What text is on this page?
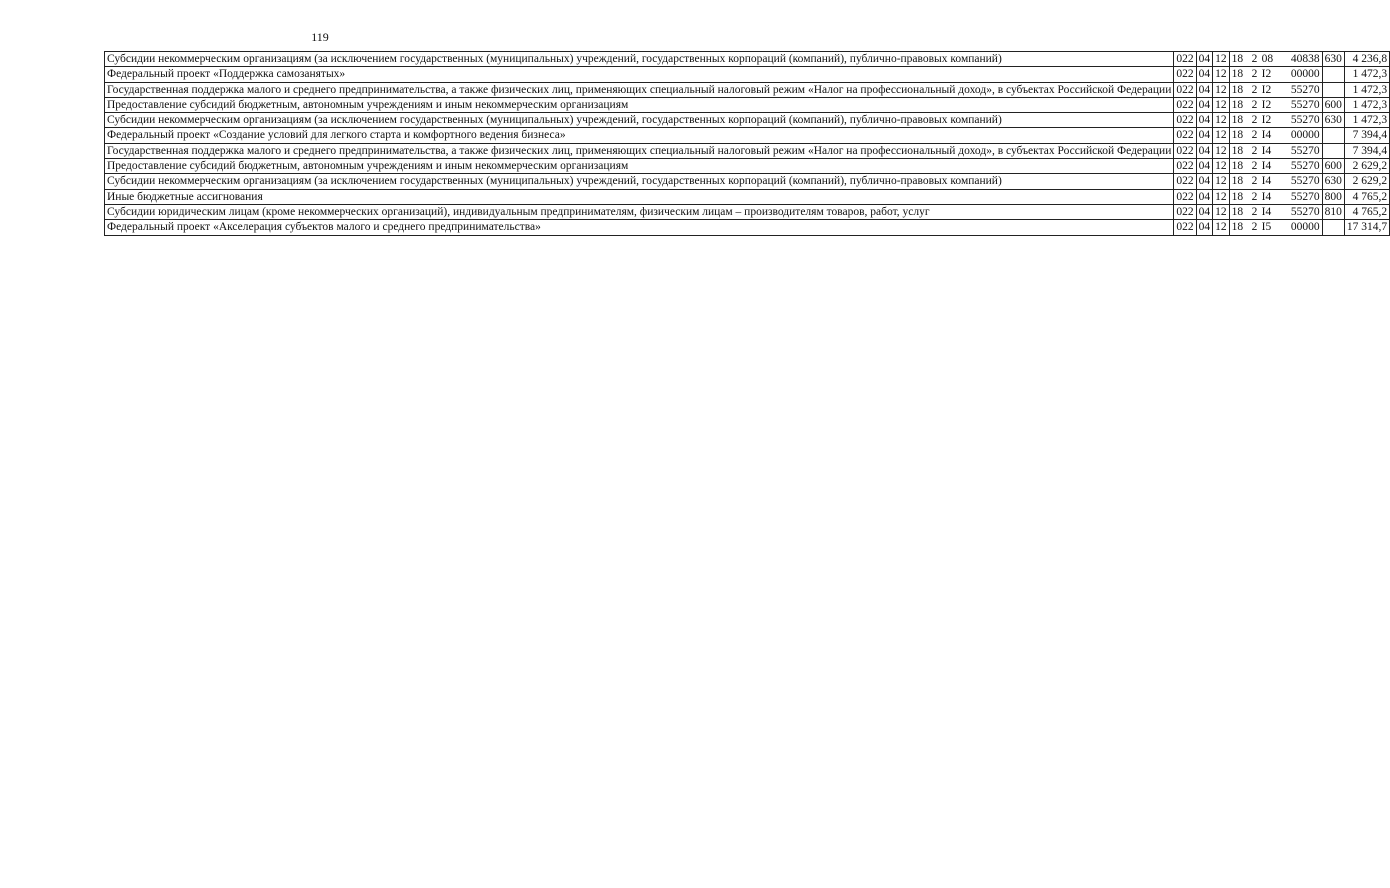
119
Субсидии некоммерческим организациям (за исключением государственных (муниципальных) учреждений, государственных корпораций (компаний), публично-правовых компаний)	022	04	12	18 2 08 40838	630	4 236,8
Федеральный проект «Поддержка самозанятых»	022	04	12	18 2 I2 00000		1 472,3
Государственная поддержка малого и среднего предпринимательства, а также физических лиц, применяющих специальный налоговый режим «Налог на профессиональный доход», в субъектах Российской Федерации	022	04	12	18 2 I2 55270		1 472,3
Предоставление субсидий бюджетным, автономным учреждениям и иным некоммерческим организациям	022	04	12	18 2 I2 55270	600	1 472,3
Субсидии некоммерческим организациям (за исключением государственных (муниципальных) учреждений, государственных корпораций (компаний), публично-правовых компаний)	022	04	12	18 2 I2 55270	630	1 472,3
Федеральный проект «Создание условий для легкого старта и комфортного ведения бизнеса»	022	04	12	18 2 I4 00000		7 394,4
Государственная поддержка малого и среднего предпринимательства, а также физических лиц, применяющих специальный налоговый режим «Налог на профессиональный доход», в субъектах Российской Федерации	022	04	12	18 2 I4 55270		7 394,4
Предоставление субсидий бюджетным, автономным учреждениям и иным некоммерческим организациям	022	04	12	18 2 I4 55270	600	2 629,2
Субсидии некоммерческим организациям (за исключением государственных (муниципальных) учреждений, государственных корпораций (компаний), публично-правовых компаний)	022	04	12	18 2 I4 55270	630	2 629,2
Иные бюджетные ассигнования	022	04	12	18 2 I4 55270	800	4 765,2
Субсидии юридическим лицам (кроме некоммерческих организаций), индивидуальным предпринимателям, физическим лицам – производителям товаров, работ, услуг	022	04	12	18 2 I4 55270	810	4 765,2
Федеральный проект «Акселерация субъектов малого и среднего предпринимательства»	022	04	12	18 2 I5 00000		17 314,7
